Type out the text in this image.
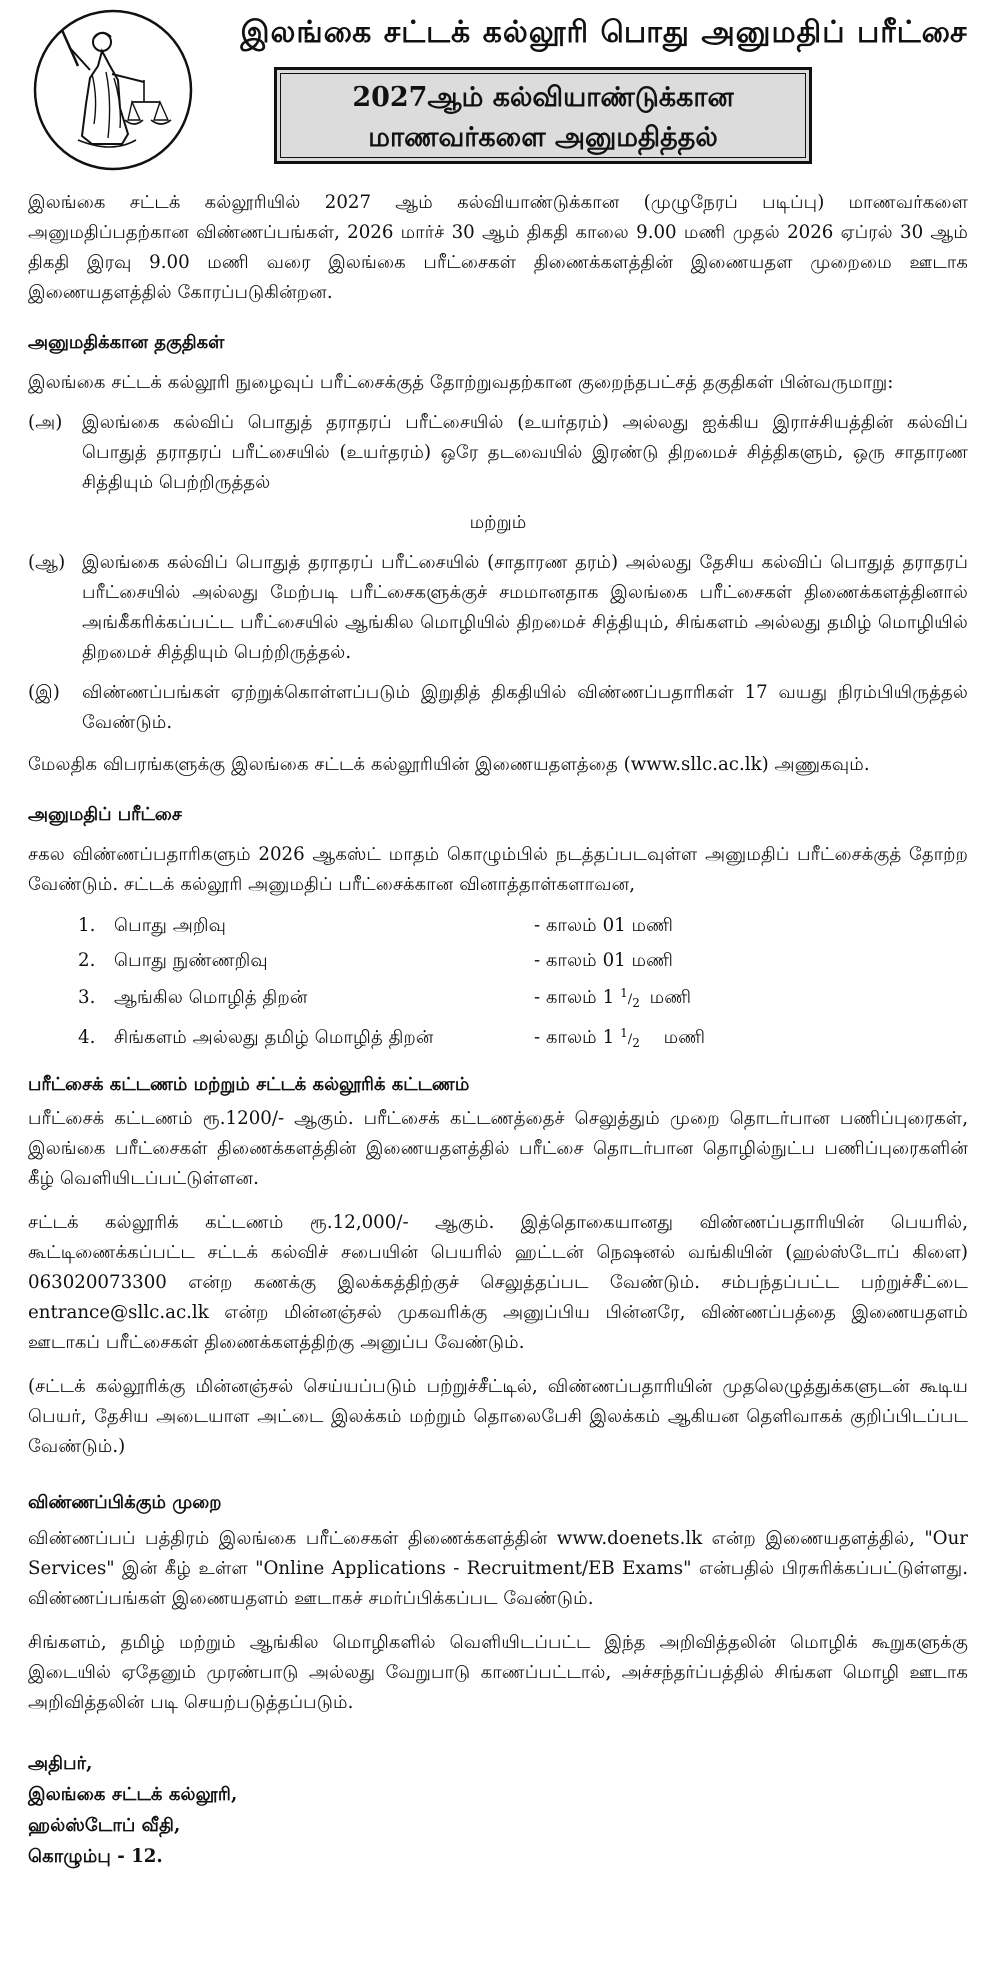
இலங்கை சட்டக் கல்லூரி பொது அனுமதிப் பரீட்சை
2027ஆம் கல்வியாண்டுக்கான
மாணவர்களை அனுமதித்தல்

இலங்கை சட்டக் கல்லூரியில் 2027 ஆம் கல்வியாண்டுக்கான (முழுநேரப் படிப்பு) மாணவர்களை அனுமதிப்பதற்கான விண்ணப்பங்கள், 2026 மார்ச் 30 ஆம் திகதி காலை 9.00 மணி முதல் 2026 ஏப்ரல் 30 ஆம் திகதி இரவு 9.00 மணி வரை இலங்கை பரீட்சைகள் திணைக்களத்தின் இணையதள முறைமை ஊடாக இணையதளத்தில் கோரப்படுகின்றன.

அனுமதிக்கான தகுதிகள்

இலங்கை சட்டக் கல்லூரி நுழைவுப் பரீட்சைக்குத் தோற்றுவதற்கான குறைந்தபட்சத் தகுதிகள் பின்வருமாறு:

(அ)	இலங்கை கல்விப் பொதுத் தராதரப் பரீட்சையில் (உயர்தரம்) அல்லது ஐக்கிய இராச்சியத்தின் கல்விப் பொதுத் தராதரப் பரீட்சையில் (உயர்தரம்) ஒரே தடவையில் இரண்டு திறமைச் சித்திகளும், ஒரு சாதாரண சித்தியும் பெற்றிருத்தல்
மற்றும்
(ஆ) இலங்கை கல்விப் பொதுத் தராதரப் பரீட்சையில் (சாதாரண தரம்) அல்லது தேசிய கல்விப் பொதுத் தராதரப் பரீட்சையில் அல்லது மேற்படி பரீட்சைகளுக்குச் சமமானதாக இலங்கை பரீட்சைகள் திணைக்களத்தினால் அங்கீகரிக்கப்பட்ட பரீட்சையில் ஆங்கில மொழியில் திறமைச் சித்தியும், சிங்களம் அல்லது தமிழ் மொழியில் திறமைச் சித்தியும் பெற்றிருத்தல்.
(இ)	விண்ணப்பங்கள் ஏற்றுக்கொள்ளப்படும் இறுதித் திகதியில் விண்ணப்பதாரிகள் 17 வயது நிரம்பியிருத்தல் வேண்டும்.

மேலதிக விபரங்களுக்கு இலங்கை சட்டக் கல்லூரியின் இணையதளத்தை (www.sllc.ac.lk) அணுகவும்.

அனுமதிப் பரீட்சை

சகல விண்ணப்பதாரிகளும் 2026 ஆகஸ்ட் மாதம் கொழும்பில் நடத்தப்படவுள்ள அனுமதிப் பரீட்சைக்குத் தோற்ற வேண்டும். சட்டக் கல்லூரி அனுமதிப் பரீட்சைக்கான வினாத்தாள்களாவன,

1.	பொது அறிவு	- காலம் 01 மணி
2.	பொது நுண்ணறிவு	- காலம் 01 மணி
3.	ஆங்கில மொழித் திறன்	- காலம் 1 $^1/_2$ மணி
4.	சிங்களம் அல்லது தமிழ் மொழித் திறன்	- காலம் 1 $^1/_2$ மணி
பரீட்சைக் கட்டணம் மற்றும் சட்டக் கல்லூரிக் கட்டணம்

பரீட்சைக் கட்டணம் ரூ.1200/- ஆகும். பரீட்சைக் கட்டணத்தைச் செலுத்தும் முறை தொடர்பான பணிப்புரைகள், இலங்கை பரீட்சைகள் திணைக்களத்தின் இணையதளத்தில் பரீட்சை தொடர்பான தொழில்நுட்ப பணிப்புரைகளின் கீழ் வெளியிடப்பட்டுள்ளன.

சட்டக் கல்லூரிக் கட்டணம் ரூ.12,000/- ஆகும். இத்தொகையானது விண்ணப்பதாரியின் பெயரில், கூட்டிணைக்கப்பட்ட சட்டக் கல்விச் சபையின் பெயரில் ஹட்டன் நெஷனல் வங்கியின் (ஹல்ஸ்டோப் கிளை) 063020073300 என்ற கணக்கு இலக்கத்திற்குச் செலுத்தப்பட வேண்டும். சம்பந்தப்பட்ட பற்றுச்சீட்டை entrance@sllc.ac.lk என்ற மின்னஞ்சல் முகவரிக்கு அனுப்பிய பின்னரே, விண்ணப்பத்தை இணையதளம் ஊடாகப் பரீட்சைகள் திணைக்களத்திற்கு அனுப்ப வேண்டும்.

(சட்டக் கல்லூரிக்கு மின்னஞ்சல் செய்யப்படும் பற்றுச்சீட்டில், விண்ணப்பதாரியின் முதலெழுத்துக்களுடன் கூடிய பெயர், தேசிய அடையாள அட்டை இலக்கம் மற்றும் தொலைபேசி இலக்கம் ஆகியன தெளிவாகக் குறிப்பிடப்பட வேண்டும்.)

விண்ணப்பிக்கும் முறை

விண்ணப்பப் பத்திரம் இலங்கை பரீட்சைகள் திணைக்களத்தின் www.doenets.lk என்ற இணையதளத்தில், "Our Services" இன் கீழ் உள்ள "Online Applications - Recruitment/EB Exams" என்பதில் பிரசுரிக்கப்பட்டுள்ளது. விண்ணப்பங்கள் இணையதளம் ஊடாகச் சமர்ப்பிக்கப்பட வேண்டும்.

சிங்களம், தமிழ் மற்றும் ஆங்கில மொழிகளில் வெளியிடப்பட்ட இந்த அறிவித்தலின் மொழிக் கூறுகளுக்கு இடையில் ஏதேனும் முரண்பாடு அல்லது வேறுபாடு காணப்பட்டால், அச்சந்தர்ப்பத்தில் சிங்கள மொழி ஊடாக அறிவித்தலின் படி செயற்படுத்தப்படும்.

அதிபர்,
இலங்கை சட்டக் கல்லூரி,
ஹல்ஸ்டோப் வீதி,
கொழும்பு - 12.
